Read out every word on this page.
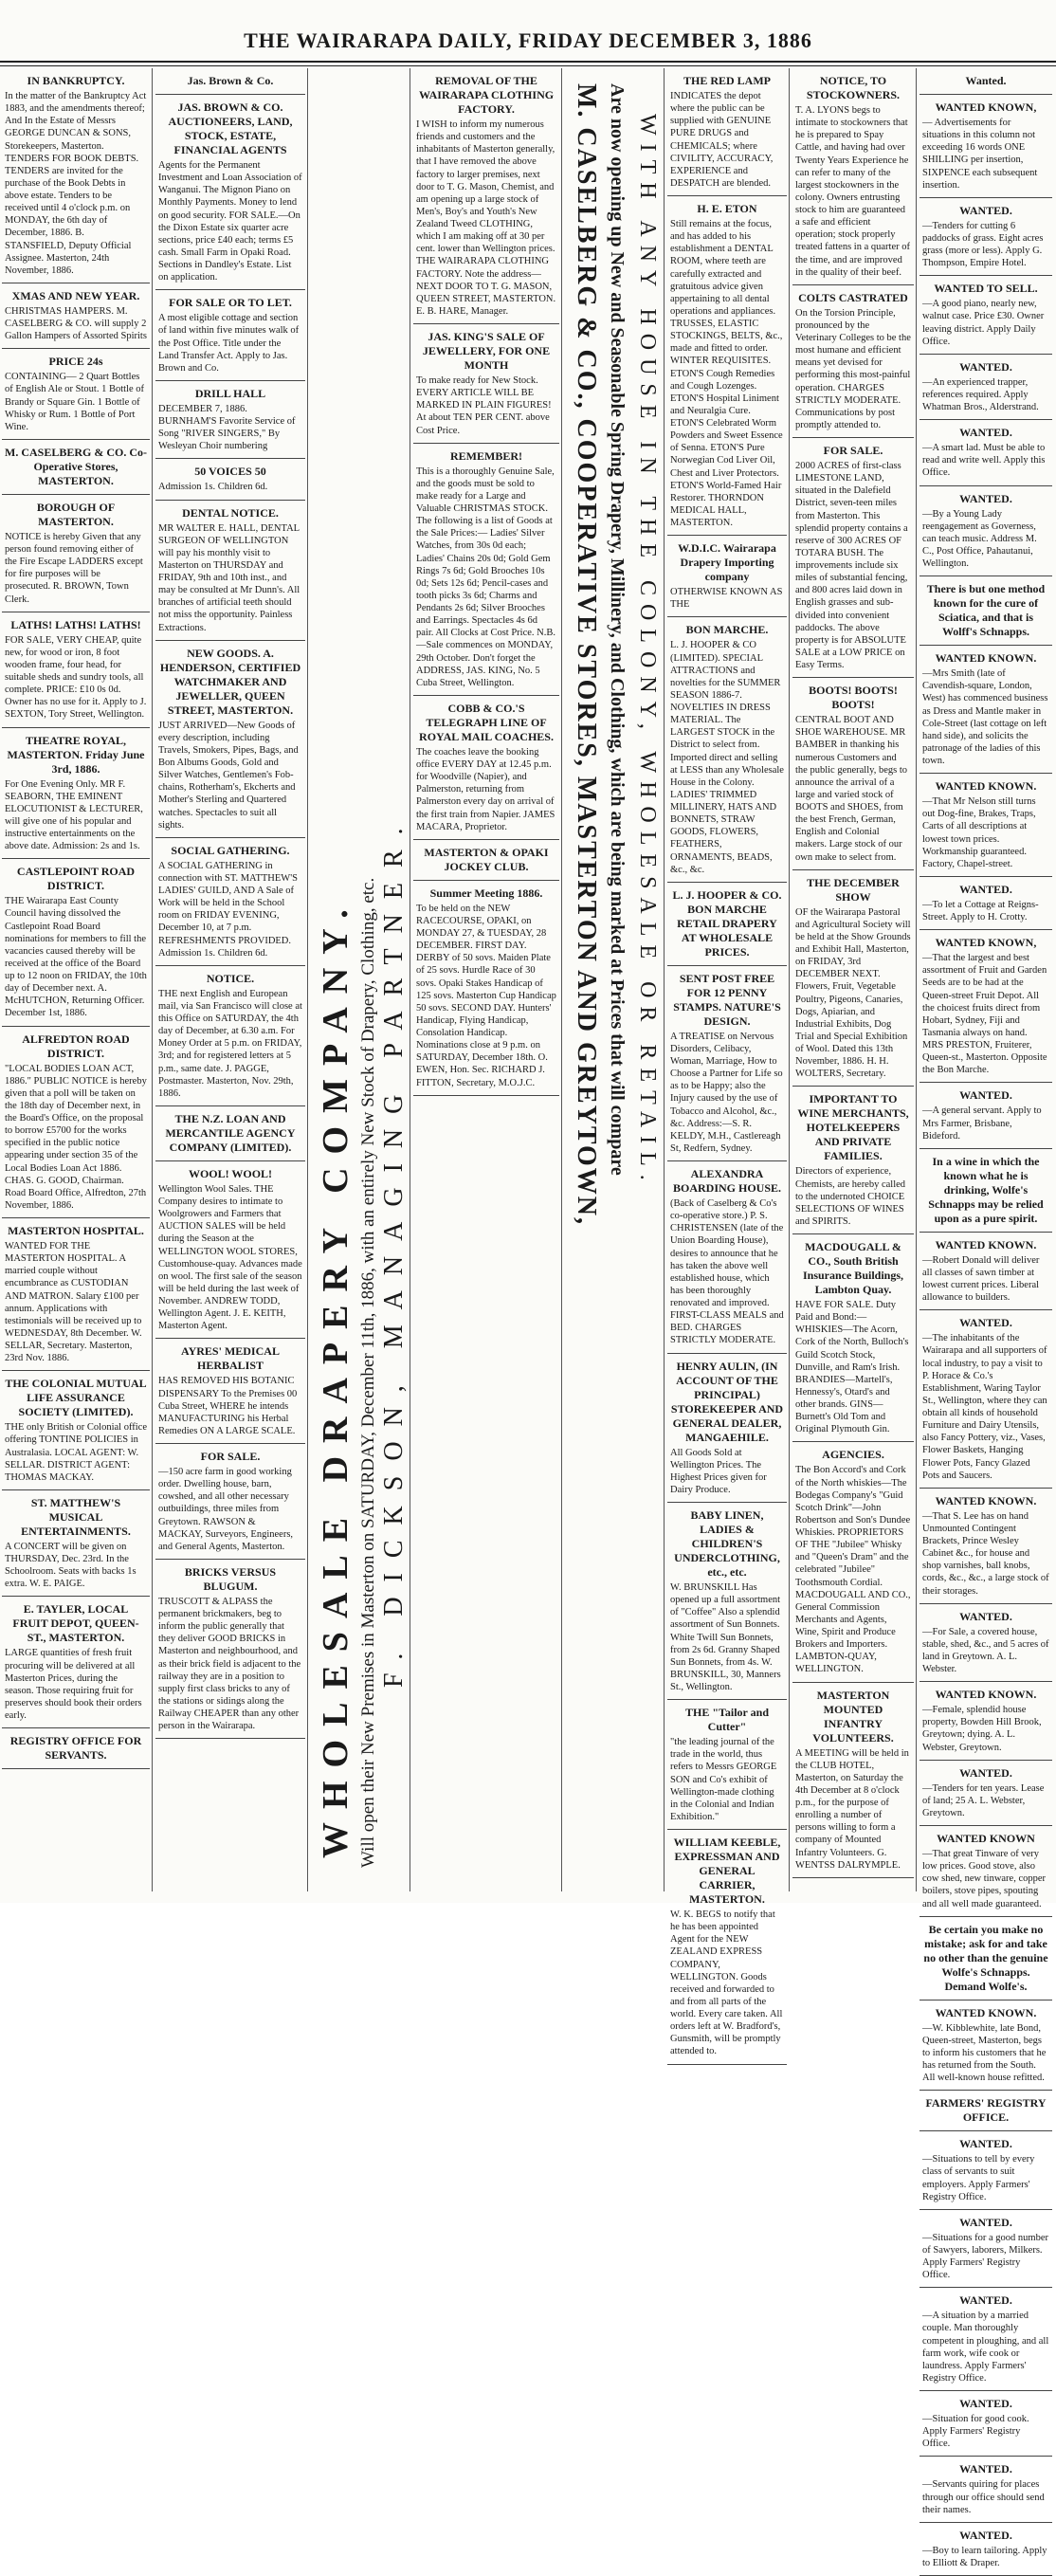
THE WAIRARAPA DAILY, FRIDAY DECEMBER 3, 1886
IN BANKRUPTCY.

In the matter of the Bankruptcy Act 1883, and the amendments thereof; And In the Estate of Messrs GEORGE DUNCAN & SONS, Storekeepers, Masterton. TENDERS FOR BOOK DEBTS. TENDERS are invited for the purchase of the Book Debts in above estate. Tenders to be received until 4 o'clock p.m. on MONDAY, the 6th day of December, 1886. B. STANSFIELD, Deputy Official Assignee. Masterton, 24th November, 1886.

XMAS AND NEW YEAR.

CHRISTMAS HAMPERS. M. CASELBERG & CO. will supply 2 Gallon Hampers of Assorted Spirits

PRICE 24s

CONTAINING— 2 Quart Bottles of English Ale or Stout. 1 Bottle of Brandy or Square Gin. 1 Bottle of Whisky or Rum. 1 Bottle of Port Wine.

M. CASELBERG & CO. Co-Operative Stores, MASTERTON.
BOROUGH OF MASTERTON.

NOTICE is hereby Given that any person found removing either of the Fire Escape LADDERS except for fire purposes will be prosecuted. R. BROWN, Town Clerk.

LATHS! LATHS! LATHS!

FOR SALE, VERY CHEAP, quite new, for wood or iron, 8 foot wooden frame, four head, for suitable sheds and sundry tools, all complete. PRICE: £10 0s 0d. Owner has no use for it. Apply to J. SEXTON, Tory Street, Wellington.

THEATRE ROYAL, MASTERTON. Friday June 3rd, 1886.

For One Evening Only. MR F. SEABORN, THE EMINENT ELOCUTIONIST & LECTURER, will give one of his popular and instructive entertainments on the above date. Admission: 2s and 1s.

CASTLEPOINT ROAD DISTRICT.

THE Wairarapa East County Council having dissolved the Castlepoint Road Board nominations for members to fill the vacancies caused thereby will be received at the office of the Board up to 12 noon on FRIDAY, the 10th day of December next. A. McHUTCHON, Returning Officer. December 1st, 1886.

ALFREDTON ROAD DISTRICT.

"LOCAL BODIES LOAN ACT, 1886." PUBLIC NOTICE is hereby given that a poll will be taken on the 18th day of December next, in the Board's Office, on the proposal to borrow £5700 for the works specified in the public notice appearing under section 35 of the Local Bodies Loan Act 1886. CHAS. G. GOOD, Chairman. Road Board Office, Alfredton, 27th November, 1886.

MASTERTON HOSPITAL.

WANTED FOR THE MASTERTON HOSPITAL. A married couple without encumbrance as CUSTODIAN AND MATRON. Salary £100 per annum. Applications with testimonials will be received up to WEDNESDAY, 8th December. W. SELLAR, Secretary. Masterton, 23rd Nov. 1886.

THE COLONIAL MUTUAL LIFE ASSURANCE SOCIETY (LIMITED).

THE only British or Colonial office offering TONTINE POLICIES in Australasia. LOCAL AGENT: W. SELLAR. DISTRICT AGENT: THOMAS MACKAY.

ST. MATTHEW'S MUSICAL ENTERTAINMENTS.

A CONCERT will be given on THURSDAY, Dec. 23rd. In the Schoolroom. Seats with backs 1s extra. W. E. PAIGE.

E. TAYLER, LOCAL FRUIT DEPOT, QUEEN-ST., MASTERTON.

LARGE quantities of fresh fruit procuring will be delivered at all Masterton Prices, during the season. Those requiring fruit for preserves should book their orders early.

REGISTRY OFFICE FOR SERVANTS.
Jas. Brown & Co.
JAS. BROWN & CO. AUCTIONEERS, LAND, STOCK, ESTATE, FINANCIAL AGENTS

Agents for the Permanent Investment and Loan Association of Wanganui. The Mignon Piano on Monthly Payments. Money to lend on good security. FOR SALE.—On the Dixon Estate six quarter acre sections, price £40 each; terms £5 cash. Small Farm in Opaki Road. Sections in Dandley's Estate. List on application.

FOR SALE OR TO LET.

A most eligible cottage and section of land within five minutes walk of the Post Office. Title under the Land Transfer Act. Apply to Jas. Brown and Co.

DRILL HALL

DECEMBER 7, 1886. BURNHAM'S Favorite Service of Song "RIVER SINGERS," By Wesleyan Choir numbering

50 VOICES 50

Admission 1s. Children 6d.

DENTAL NOTICE.

MR WALTER E. HALL, DENTAL SURGEON OF WELLINGTON will pay his monthly visit to Masterton on THURSDAY and FRIDAY, 9th and 10th inst., and may be consulted at Mr Dunn's. All branches of artificial teeth should not miss the opportunity. Painless Extractions.

NEW GOODS. A. HENDERSON, CERTIFIED WATCHMAKER AND JEWELLER, QUEEN STREET, MASTERTON.

JUST ARRIVED—New Goods of every description, including Travels, Smokers, Pipes, Bags, and Bon Albums Goods, Gold and Silver Watches, Gentlemen's Fob-chains, Rotherham's, Ekcherts and Mother's Sterling and Quartered watches. Spectacles to suit all sights.

SOCIAL GATHERING.

A SOCIAL GATHERING in connection with ST. MATTHEW'S LADIES' GUILD, AND A Sale of Work will be held in the School room on FRIDAY EVENING, December 10, at 7 p.m. REFRESHMENTS PROVIDED. Admission 1s. Children 6d.

NOTICE.

THE next English and European mail, via San Francisco will close at this Office on SATURDAY, the 4th day of December, at 6.30 a.m. For Money Order at 5 p.m. on FRIDAY, 3rd; and for registered letters at 5 p.m., same date. J. PAGGE, Postmaster. Masterton, Nov. 29th, 1886.

THE N.Z. LOAN AND MERCANTILE AGENCY COMPANY (LIMITED).
WOOL! WOOL!

Wellington Wool Sales. THE Company desires to intimate to Woolgrowers and Farmers that AUCTION SALES will be held during the Season at the WELLINGTON WOOL STORES, Customhouse-quay. Advances made on wool. The first sale of the season will be held during the last week of November. ANDREW TODD, Wellington Agent. J. E. KEITH, Masterton Agent.

AYRES' MEDICAL HERBALIST

HAS REMOVED HIS BOTANIC DISPENSARY To the Premises 00 Cuba Street, WHERE he intends MANUFACTURING his Herbal Remedies ON A LARGE SCALE.

FOR SALE.

—150 acre farm in good working order. Dwelling house, barn, cowshed, and all other necessary outbuildings, three miles from Greytown. RAWSON & MACKAY, Surveyors, Engineers, and General Agents, Masterton.

BRICKS VERSUS BLUGUM.

TRUSCOTT & ALPASS the permanent brickmakers, beg to inform the public generally that they deliver GOOD BRICKS in Masterton and neighbourhood, and as their brick field is adjacent to the railway they are in a position to supply first class bricks to any of the stations or sidings along the Railway CHEAPER than any other person in the Wairarapa.	WHOLESALE DRAPERY COMPANY. Will open their New Premises in Masterton on SATURDAY, December 11th, 1886, with an entirely New Stock of Drapery, Clothing, etc. F. DICKSON, MANAGING PARTNER.
REMOVAL OF THE WAIRARAPA CLOTHING FACTORY.

I WISH to inform my numerous friends and customers and the inhabitants of Masterton generally, that I have removed the above factory to larger premises, next door to T. G. Mason, Chemist, and am opening up a large stock of Men's, Boy's and Youth's New Zealand Tweed CLOTHING, which I am making off at 30 per cent. lower than Wellington prices. THE WAIRARAPA CLOTHING FACTORY. Note the address—NEXT DOOR TO T. G. MASON, QUEEN STREET, MASTERTON. E. B. HARE, Manager.

JAS. KING'S SALE OF JEWELLERY, FOR ONE MONTH

To make ready for New Stock. EVERY ARTICLE WILL BE MARKED IN PLAIN FIGURES! At about TEN PER CENT. above Cost Price.

REMEMBER!

This is a thoroughly Genuine Sale, and the goods must be sold to make ready for a Large and Valuable CHRISTMAS STOCK. The following is a list of Goods at the Sale Prices:— Ladies' Silver Watches, from 30s 0d each; Ladies' Chains 20s 0d; Gold Gem Rings 7s 6d; Gold Brooches 10s 0d; Sets 12s 6d; Pencil-cases and tooth picks 3s 6d; Charms and Pendants 2s 6d; Silver Brooches and Earrings. Spectacles 4s 6d pair. All Clocks at Cost Price. N.B.—Sale commences on MONDAY, 29th October. Don't forget the ADDRESS, JAS. KING, No. 5 Cuba Street, Wellington.

COBB & CO.'S TELEGRAPH LINE OF ROYAL MAIL COACHES.

The coaches leave the booking office EVERY DAY at 12.45 p.m. for Woodville (Napier), and Palmerston, returning from Palmerston every day on arrival of the first train from Napier. JAMES MACARA, Proprietor.

MASTERTON & OPAKI JOCKEY CLUB.
Summer Meeting 1886.

To be held on the NEW RACECOURSE, OPAKI, on MONDAY 27, & TUESDAY, 28 DECEMBER. FIRST DAY. DERBY of 50 sovs. Maiden Plate of 25 sovs. Hurdle Race of 30 sovs. Opaki Stakes Handicap of 125 sovs. Masterton Cup Handicap 50 sovs. SECOND DAY. Hunters' Handicap, Flying Handicap, Consolation Handicap. Nominations close at 9 p.m. on SATURDAY, December 18th. O. EWEN, Hon. Sec. RICHARD J. FITTON, Secretary, M.O.J.C.	M. CASELBERG & CO., COOPERATIVE STORES, MASTERTON AND GREYTOWN, Are now opening up New and Seasonable Spring Drapery, Millinery, and Clothing, which are being marked at Prices that will compare WITH ANY HOUSE IN THE COLONY, WHOLESALE OR RETAIL.
THE RED LAMP

INDICATES the depot where the public can be supplied with GENUINE PURE DRUGS and CHEMICALS; where CIVILITY, ACCURACY, EXPERIENCE and DESPATCH are blended.

H. E. ETON

Still remains at the focus, and has added to his establishment a DENTAL ROOM, where teeth are carefully extracted and gratuitous advice given appertaining to all dental operations and appliances. TRUSSES, ELASTIC STOCKINGS, BELTS, &c., made and fitted to order. WINTER REQUISITES. ETON'S Cough Remedies and Cough Lozenges. ETON'S Hospital Liniment and Neuralgia Cure. ETON'S Celebrated Worm Powders and Sweet Essence of Senna. ETON'S Pure Norwegian Cod Liver Oil, Chest and Liver Protectors. ETON'S World-Famed Hair Restorer. THORNDON MEDICAL HALL, MASTERTON.

W.D.I.C. Wairarapa Drapery Importing company

OTHERWISE KNOWN AS THE

BON MARCHE.

L. J. HOOPER & CO (LIMITED). SPECIAL ATTRACTIONS and novelties for the SUMMER SEASON 1886-7. NOVELTIES IN DRESS MATERIAL. The LARGEST STOCK in the District to select from. Imported direct and selling at LESS than any Wholesale House in the Colony. LADIES' TRIMMED MILLINERY, HATS AND BONNETS, STRAW GOODS, FLOWERS, FEATHERS, ORNAMENTS, BEADS, &c., &c.

L. J. HOOPER & CO. BON MARCHE RETAIL DRAPERY AT WHOLESALE PRICES.
SENT POST FREE FOR 12 PENNY STAMPS. NATURE'S DESIGN.

A TREATISE on Nervous Disorders, Celibacy, Woman, Marriage, How to Choose a Partner for Life so as to be Happy; also the Injury caused by the use of Tobacco and Alcohol, &c., &c. Address:—S. R. KELDY, M.H., Castlereagh St, Redfern, Sydney.

ALEXANDRA BOARDING HOUSE.

(Back of Caselberg & Co's co-operative store.) P. S. CHRISTENSEN (late of the Union Boarding House), desires to announce that he has taken the above well established house, which has been thoroughly renovated and improved. FIRST-CLASS MEALS and BED. CHARGES STRICTLY MODERATE.

HENRY AULIN, (IN ACCOUNT OF THE PRINCIPAL) STOREKEEPER AND GENERAL DEALER, MANGAEHILE.

All Goods Sold at Wellington Prices. The Highest Prices given for Dairy Produce.

BABY LINEN, LADIES & CHILDREN'S UNDERCLOTHING, etc., etc.

W. BRUNSKILL Has opened up a full assortment of "Coffee" Also a splendid assortment of Sun Bonnets. White Twill Sun Bonnets, from 2s 6d. Granny Shaped Sun Bonnets, from 4s. W. BRUNSKILL, 30, Manners St., Wellington.

THE "Tailor and Cutter"

"the leading journal of the trade in the world, thus refers to Messrs GEORGE SON and Co's exhibit of Wellington-made clothing in the Colonial and Indian Exhibition."

WILLIAM KEEBLE, EXPRESSMAN AND GENERAL CARRIER, MASTERTON.

W. K. BEGS to notify that he has been appointed Agent for the NEW ZEALAND EXPRESS COMPANY, WELLINGTON. Goods received and forwarded to and from all parts of the world. Every care taken. All orders left at W. Bradford's, Gunsmith, will be promptly attended to.

NOTICE, TO STOCKOWNERS.

T. A. LYONS begs to intimate to stockowners that he is prepared to Spay Cattle, and having had over Twenty Years Experience he can refer to many of the largest stockowners in the colony. Owners entrusting stock to him are guaranteed a safe and efficient operation; stock properly treated fattens in a quarter of the time, and are improved in the quality of their beef.

COLTS CASTRATED

On the Torsion Principle, pronounced by the Veterinary Colleges to be the most humane and efficient means yet devised for performing this most-painful operation. CHARGES STRICTLY MODERATE. Communications by post promptly attended to.

FOR SALE.

2000 ACRES of first-class LIMESTONE LAND, situated in the Dalefield District, seven-teen miles from Masterton. This splendid property contains a reserve of 300 ACRES OF TOTARA BUSH. The improvements include six miles of substantial fencing, and 800 acres laid down in English grasses and sub-divided into convenient paddocks. The above property is for ABSOLUTE SALE at a LOW PRICE on Easy Terms.

BOOTS! BOOTS! BOOTS!

CENTRAL BOOT AND SHOE WAREHOUSE. MR BAMBER in thanking his numerous Customers and the public generally, begs to announce the arrival of a large and varied stock of BOOTS and SHOES, from the best French, German, English and Colonial makers. Large stock of our own make to select from.

THE DECEMBER SHOW

OF the Wairarapa Pastoral and Agricultural Society will be held at the Show Grounds and Exhibit Hall, Masterton, on FRIDAY, 3rd DECEMBER NEXT. Flowers, Fruit, Vegetable Poultry, Pigeons, Canaries, Dogs, Apiarian, and Industrial Exhibits, Dog Trial and Special Exhibition of Wool. Dated this 13th November, 1886. H. H. WOLTERS, Secretary.

IMPORTANT TO WINE MERCHANTS, HOTELKEEPERS AND PRIVATE FAMILIES.

Directors of experience, Chemists, are hereby called to the undernoted CHOICE SELECTIONS OF WINES and SPIRITS.

MACDOUGALL & CO., South British Insurance Buildings, Lambton Quay.

HAVE FOR SALE. Duty Paid and Bond:— WHISKIES—The Acorn, Cork of the North, Bulloch's Guild Scotch Stock, Dunville, and Ram's Irish. BRANDIES—Martell's, Hennessy's, Otard's and other brands. GINS—Burnett's Old Tom and Original Plymouth Gin.

AGENCIES.

The Bon Accord's and Cork of the North whiskies—The Bodegas Company's "Guid Scotch Drink"—John Robertson and Son's Dundee Whiskies. PROPRIETORS OF THE "Jubilee" Whisky and "Queen's Dram" and the celebrated "Jubilee" Toothsmouth Cordial. MACDOUGALL AND CO., General Commission Merchants and Agents, Wine, Spirit and Produce Brokers and Importers. LAMBTON-QUAY, WELLINGTON.

MASTERTON MOUNTED INFANTRY VOLUNTEERS.

A MEETING will be held in the CLUB HOTEL, Masterton, on Saturday the 4th December at 8 o'clock p.m., for the purpose of enrolling a number of persons willing to form a company of Mounted Infantry Volunteers. G. WENTSS DALRYMPLE.

Wanted.
WANTED KNOWN,

— Advertisements for situations in this column not exceeding 16 words ONE SHILLING per insertion, SIXPENCE each subsequent insertion.

WANTED.

—Tenders for cutting 6 paddocks of grass. Eight acres grass (more or less). Apply G. Thompson, Empire Hotel.

WANTED TO SELL.

—A good piano, nearly new, walnut case. Price £30. Owner leaving district. Apply Daily Office.

WANTED.

—An experienced trapper, references required. Apply Whatman Bros., Alderstrand.

WANTED.

—A smart lad. Must be able to read and write well. Apply this Office.

WANTED.

—By a Young Lady reengagement as Governess, can teach music. Address M. C., Post Office, Pahautanui, Wellington.

There is but one method known for the cure of Sciatica, and that is Wolff's Schnapps.
WANTED KNOWN.

—Mrs Smith (late of Cavendish-square, London, West) has commenced business as Dress and Mantle maker in Cole-Street (last cottage on left hand side), and solicits the patronage of the ladies of this town.

WANTED KNOWN.

—That Mr Nelson still turns out Dog-fine, Brakes, Traps, Carts of all descriptions at lowest town prices. Workmanship guaranteed. Factory, Chapel-street.

WANTED.

—To let a Cottage at Reigns-Street. Apply to H. Crotty.

WANTED KNOWN,

—That the largest and best assortment of Fruit and Garden Seeds are to be had at the Queen-street Fruit Depot. All the choicest fruits direct from Hobart, Sydney, Fiji and Tasmania always on hand. MRS PRESTON, Fruiterer, Queen-st., Masterton. Opposite the Bon Marche.

WANTED.

—A general servant. Apply to Mrs Farmer, Brisbane, Bideford.

In a wine in which the known what he is drinking, Wolfe's Schnapps may be relied upon as a pure spirit.
WANTED KNOWN.

—Robert Donald will deliver all classes of sawn timber at lowest current prices. Liberal allowance to builders.

WANTED.

—The inhabitants of the Wairarapa and all supporters of local industry, to pay a visit to P. Horace & Co.'s Establishment, Waring Taylor St., Wellington, where they can obtain all kinds of household Furniture and Dairy Utensils, also Fancy Pottery, viz., Vases, Flower Baskets, Hanging Flower Pots, Fancy Glazed Pots and Saucers.

WANTED KNOWN.

—That S. Lee has on hand Unmounted Contingent Brackets, Prince Wesley Cabinet &c., for house and shop varnishes, ball knobs, cords, &c., &c., a large stock of their storages.

WANTED.

—For Sale, a covered house, stable, shed, &c., and 5 acres of land in Greytown. A. L. Webster.

WANTED KNOWN.

—Female, splendid house property, Bowden Hill Brook, Greytown; dying. A. L. Webster, Greytown.

WANTED.

—Tenders for ten years. Lease of land; 25 A. L. Webster, Greytown.

WANTED KNOWN

—That great Tinware of very low prices. Good stove, also cow shed, new tinware, copper boilers, stove pipes, spouting and all well made guaranteed.

Be certain you make no mistake; ask for and take no other than the genuine Wolfe's Schnapps. Demand Wolfe's.
WANTED KNOWN.

—W. Kibblewhite, late Bond, Queen-street, Masterton, begs to inform his customers that he has returned from the South. All well-known house refitted.

FARMERS' REGISTRY OFFICE.
WANTED.

—Situations to tell by every class of servants to suit employers. Apply Farmers' Registry Office.

WANTED.

—Situations for a good number of Sawyers, laborers, Milkers. Apply Farmers' Registry Office.

WANTED.

—A situation by a married couple. Man thoroughly competent in ploughing, and all farm work, wife cook or laundress. Apply Farmers' Registry Office.

WANTED.

—Situation for good cook. Apply Farmers' Registry Office.

WANTED.

—Servants quiring for places through our office should send their names.

WANTED.

—Boy to learn tailoring. Apply to Elliott & Draper.
